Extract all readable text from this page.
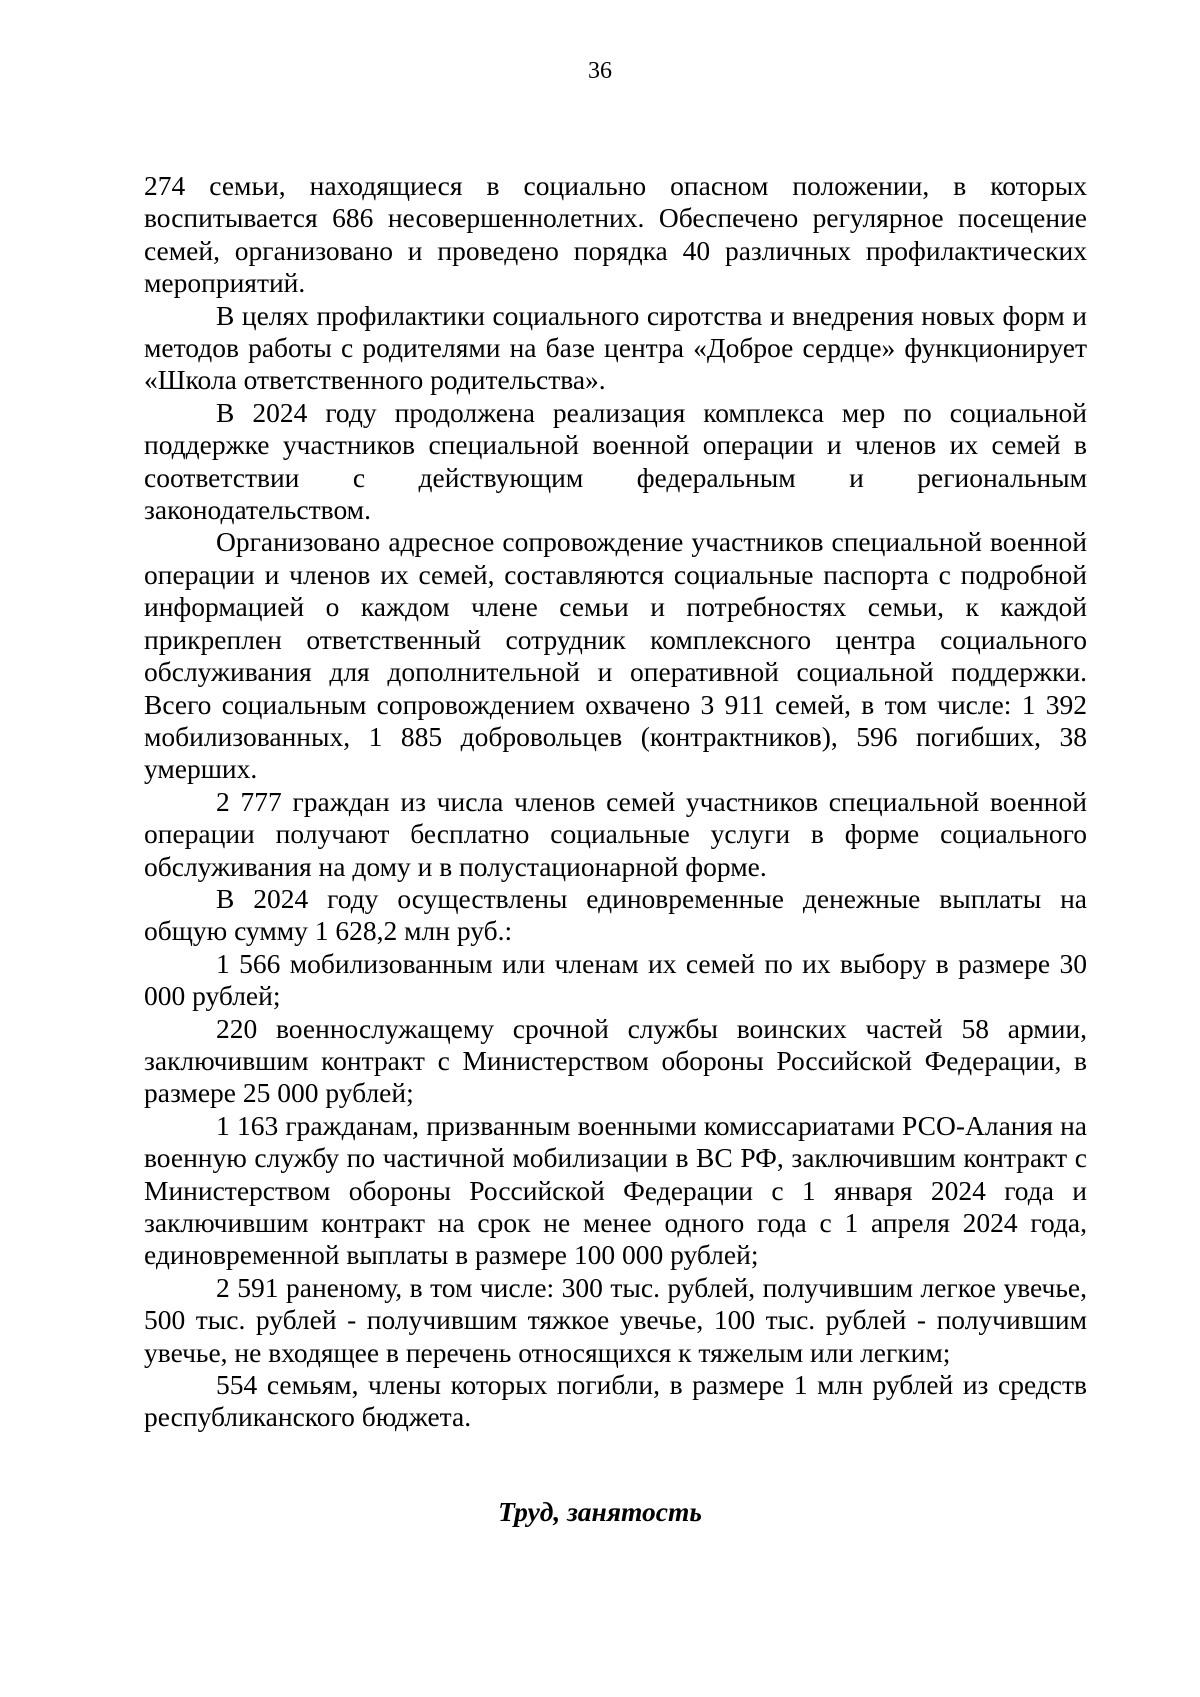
36

274 семьи, находящиеся в социально опасном положении, в которых воспитывается 686 несовершеннолетних. Обеспечено регулярное посещение семей, организовано и проведено порядка 40 различных профилактических мероприятий.

В целях профилактики социального сиротства и внедрения новых форм и методов работы с родителями на базе центра «Доброе сердце» функционирует «Школа ответственного родительства».

В 2024 году продолжена реализация комплекса мер по социальной поддержке участников специальной военной операции и членов их семей в соответствии с действующим федеральным и региональным законодательством.

Организовано адресное сопровождение участников специальной военной операции и членов их семей, составляются социальные паспорта с подробной информацией о каждом члене семьи и потребностях семьи, к каждой прикреплен ответственный сотрудник комплексного центра социального обслуживания для дополнительной и оперативной социальной поддержки. Всего социальным сопровождением охвачено 3 911 семей, в том числе: 1 392 мобилизованных, 1 885 добровольцев (контрактников), 596 погибших, 38 умерших.

2 777 граждан из числа членов семей участников специальной военной операции получают бесплатно социальные услуги в форме социального обслуживания на дому и в полустационарной форме.

В 2024 году осуществлены единовременные денежные выплаты на общую сумму 1 628,2 млн руб.:

1 566 мобилизованным или членам их семей по их выбору в размере 30 000 рублей;

220 военнослужащему срочной службы воинских частей 58 армии, заключившим контракт с Министерством обороны Российской Федерации, в размере 25 000 рублей;

1 163 гражданам, призванным военными комиссариатами РСО-Алания на военную службу по частичной мобилизации в ВС РФ, заключившим контракт с Министерством обороны Российской Федерации с 1 января 2024 года и заключившим контракт на срок не менее одного года с 1 апреля 2024 года, единовременной выплаты в размере 100 000 рублей;

2 591 раненому, в том числе: 300 тыс. рублей, получившим легкое увечье, 500 тыс. рублей - получившим тяжкое увечье, 100 тыс. рублей - получившим увечье, не входящее в перечень относящихся к тяжелым или легким;

554 семьям, члены которых погибли, в размере 1 млн рублей из средств республиканского бюджета.

Труд, занятость
